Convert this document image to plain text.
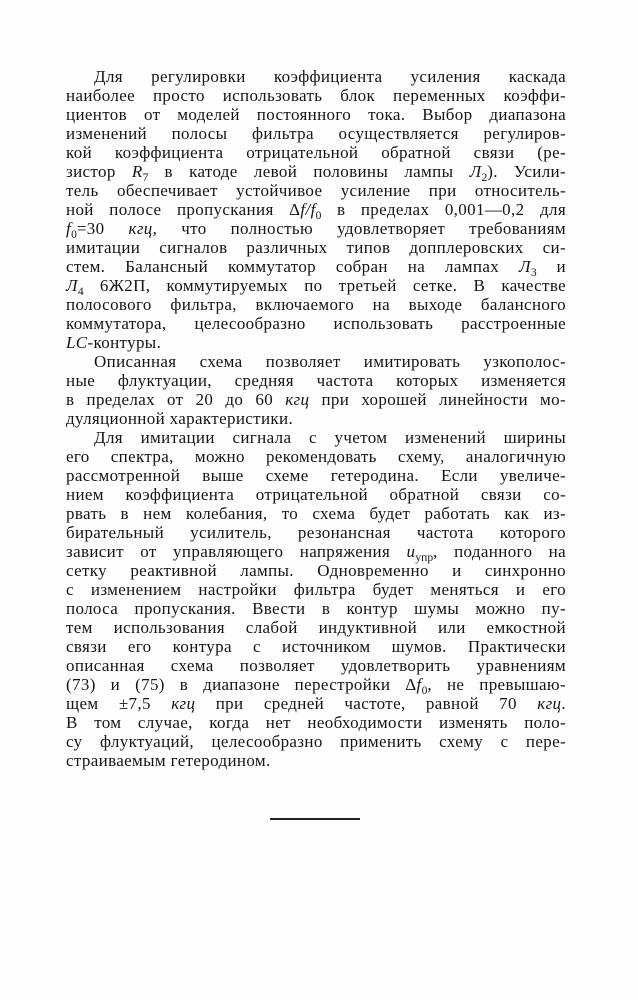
Для регулировки коэффициента усиления каскада
наиболее просто использовать блок переменных коэффи-
циентов от моделей постоянного тока. Выбор диапазона
изменений полосы фильтра осуществляется регулиров-
кой коэффициента отрицательной обратной связи (ре-
зистор $R_7$ в катоде левой половины лампы $Л_2$). Усили-
тель обеспечивает устойчивое усиление при относитель-
ной полосе пропускания $\Delta f/f_0$ в пределах 0,001—0,2 для
$f_0=30$ кгц, что полностью удовлетворяет требованиям
имитации сигналов различных типов допплеровских си-
стем. Балансный коммутатор собран на лампах $Л_3$ и
$Л_4$ 6Ж2П, коммутируемых по третьей сетке. В качестве
полосового фильтра, включаемого на выходе балансного
коммутатора, целесообразно использовать расстроенные
LC-контуры.
Описанная схема позволяет имитировать узкополос-
ные флуктуации, средняя частота которых изменяется
в пределах от 20 до 60 кгц при хорошей линейности мо-
дуляционной характеристики.
Для имитации сигнала с учетом изменений ширины
его спектра, можно рекомендовать схему, аналогичную
рассмотренной выше схеме гетеродина. Если увеличе-
нием коэффициента отрицательной обратной связи со-
рвать в нем колебания, то схема будет работать как из-
бирательный усилитель, резонансная частота которого
зависит от управляющего напряжения $u_{упр}$, поданного на
сетку реактивной лампы. Одновременно и синхронно
с изменением настройки фильтра будет меняться и его
полоса пропускания. Ввести в контур шумы можно пу-
тем использования слабой индуктивной или емкостной
связи его контура с источником шумов. Практически
описанная схема позволяет удовлетворить уравнениям
(73) и (75) в диапазоне перестройки $\Delta f_0$, не превышаю-
щем ±7,5 кгц при средней частоте, равной 70 кгц.
В том случае, когда нет необходимости изменять поло-
су флуктуаций, целесообразно применить схему с пере-
страиваемым гетеродином.
